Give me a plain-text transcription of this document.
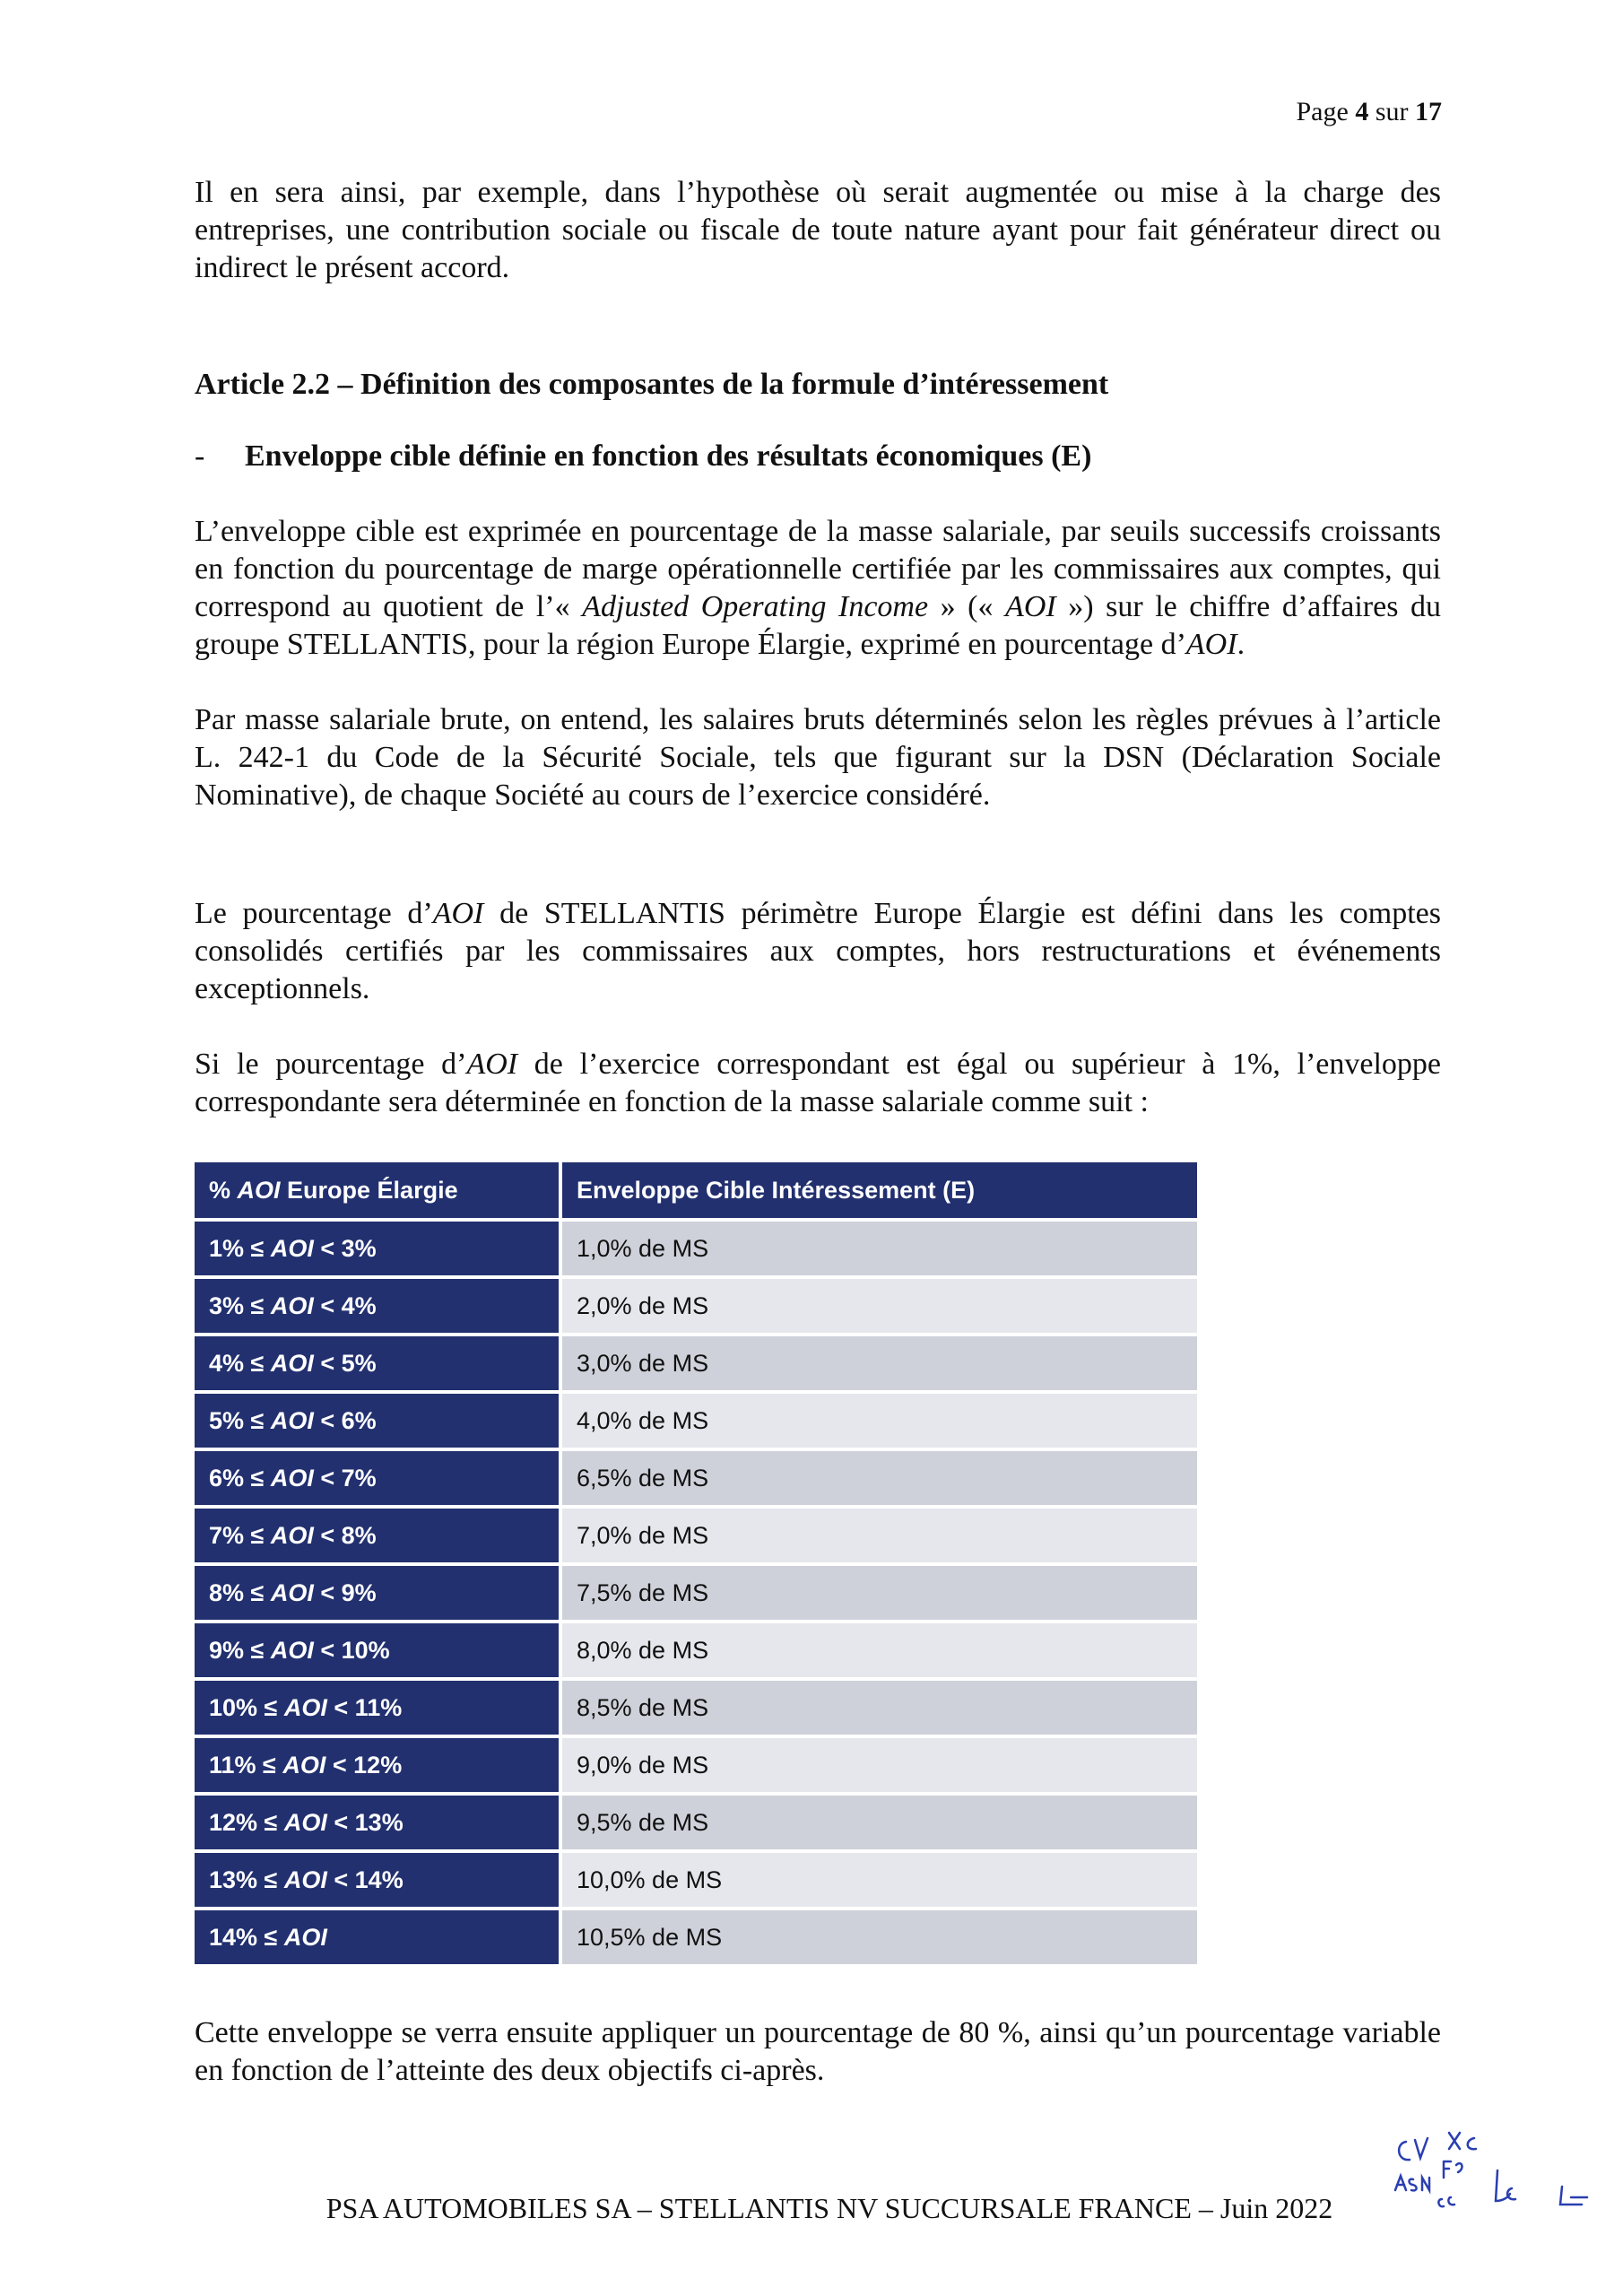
Page 4 sur 17

Il en sera ainsi, par exemple, dans l’hypothèse où serait augmentée ou mise à la charge des entreprises, une contribution sociale ou fiscale de toute nature ayant pour fait générateur direct ou indirect le présent accord.

Article 2.2 – Définition des composantes de la formule d’intéressement
-	Enveloppe cible définie en fonction des résultats économiques (E)

L’enveloppe cible est exprimée en pourcentage de la masse salariale, par seuils successifs croissants en fonction du pourcentage de marge opérationnelle certifiée par les commissaires aux comptes, qui correspond au quotient de l’« Adjusted Operating Income » (« AOI ») sur le chiffre d’affaires du groupe STELLANTIS, pour la région Europe Élargie, exprimé en pourcentage d’AOI.

Par masse salariale brute, on entend, les salaires bruts déterminés selon les règles prévues à l’article L. 242-1 du Code de la Sécurité Sociale, tels que figurant sur la DSN (Déclaration Sociale Nominative), de chaque Société au cours de l’exercice considéré.

Le pourcentage d’AOI de STELLANTIS périmètre Europe Élargie est défini dans les comptes consolidés certifiés par les commissaires aux comptes, hors restructurations et événements exceptionnels.

Si le pourcentage d’AOI de l’exercice correspondant est égal ou supérieur à 1%, l’enveloppe correspondante sera déterminée en fonction de la masse salariale comme suit :

% AOI Europe Élargie	Enveloppe Cible Intéressement (E)
1% ≤ AOI < 3%	1,0% de MS
3% ≤ AOI < 4%	2,0% de MS
4% ≤ AOI < 5%	3,0% de MS
5% ≤ AOI < 6%	4,0% de MS
6% ≤ AOI < 7%	6,5% de MS
7% ≤ AOI < 8%	7,0% de MS
8% ≤ AOI < 9%	7,5% de MS
9% ≤ AOI < 10%	8,0% de MS
10% ≤ AOI < 11%	8,5% de MS
11% ≤ AOI < 12%	9,0% de MS
12% ≤ AOI < 13%	9,5% de MS
13% ≤ AOI < 14%	10,0% de MS
14% ≤ AOI	10,5% de MS

Cette enveloppe se verra ensuite appliquer un pourcentage de 80 %, ainsi qu’un pourcentage variable en fonction de l’atteinte des deux objectifs ci-après.

PSA AUTOMOBILES SA – STELLANTIS NV SUCCURSALE FRANCE – Juin 2022
